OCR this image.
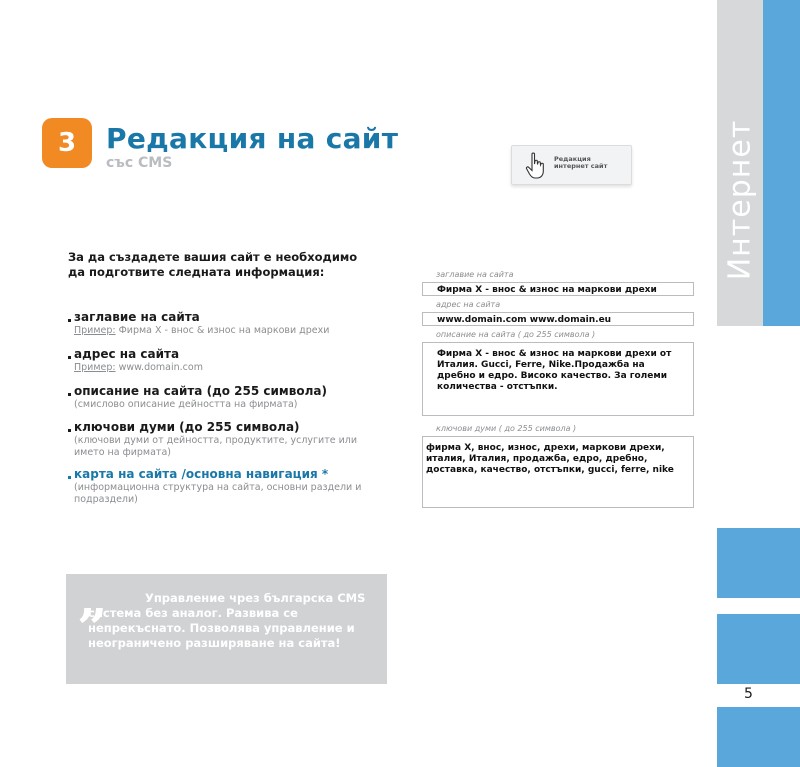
Интернет
5
3	Редакция на сайт
със CMS	Редакция интернет сайт
За да създадете вашия сайт е необходимо да подготвите следната информация:
заглавие на сайта
Пример: Фирма Х - внос & износ на маркови дрехи
адрес на сайта
Пример: www.domain.com
описание на сайта (до 255 символа)
(смислово описание дейността на фирмата)
ключови думи (до 255 символа)
(ключови думи от дейността, продуктите, услугите или името на фирмата)
карта на сайта /основна навигация *
(информационна структура на сайта, основни раздели и подраздели)
заглавие на сайта
Фирма Х - внос & износ на маркови дрехи
адрес на сайта
www.domain.com www.domain.eu
описание на сайта ( до 255 символа )
Фирма Х - внос & износ на маркови дрехи от Италия. Gucci, Ferre, Nike.Продажба на дребно и едро. Високо качество. За големи количества - отстъпки.
ключови думи ( до 255 символа )
фирма Х, внос, износ, дрехи, маркови дрехи, италия, Италия, продажба, едро, дребно, доставка, качество, отстъпки, gucci, ferre, nike
„	Управление чрез българска CMS система без аналог. Развива се непрекъснато. Позволява управление и неограничено разширяване на сайта!
